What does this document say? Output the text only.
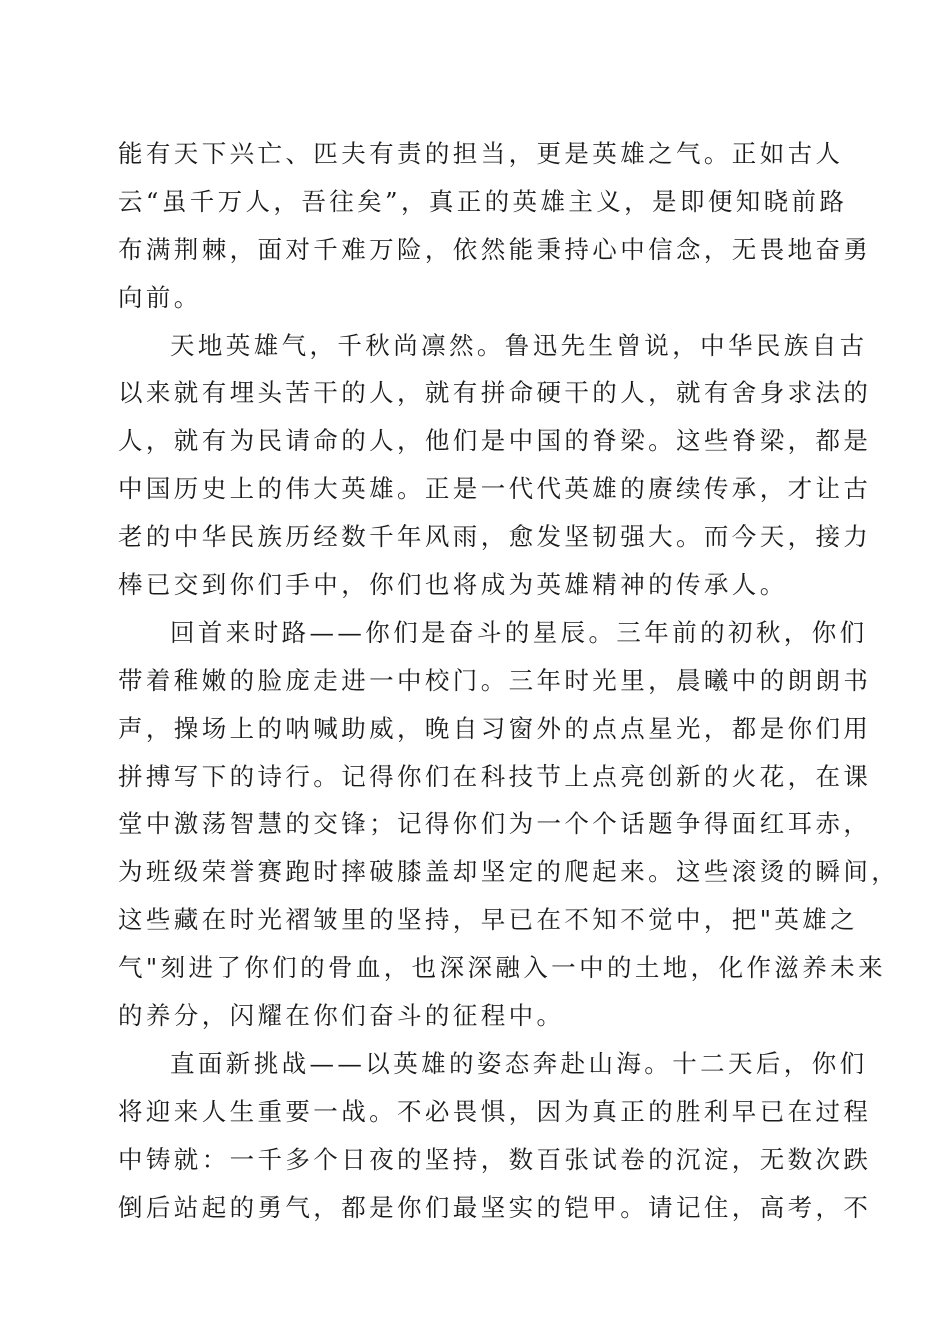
能有天下兴亡、匹夫有责的担当，更是英雄之气。正如古人
云“虽千万人，吾往矣”，真正的英雄主义，是即便知晓前路
布满荆棘，面对千难万险，依然能秉持心中信念，无畏地奋勇
向前。
天地英雄气，千秋尚凛然。鲁迅先生曾说，中华民族自古
以来就有埋头苦干的人，就有拼命硬干的人，就有舍身求法的
人，就有为民请命的人，他们是中国的脊梁。这些脊梁，都是
中国历史上的伟大英雄。正是一代代英雄的赓续传承，才让古
老的中华民族历经数千年风雨，愈发坚韧强大。而今天，接力
棒已交到你们手中，你们也将成为英雄精神的传承人。
回首来时路——你们是奋斗的星辰。三年前的初秋，你们
带着稚嫩的脸庞走进一中校门。三年时光里，晨曦中的朗朗书
声，操场上的呐喊助威，晚自习窗外的点点星光，都是你们用
拼搏写下的诗行。记得你们在科技节上点亮创新的火花，在课
堂中激荡智慧的交锋；记得你们为一个个话题争得面红耳赤，
为班级荣誉赛跑时摔破膝盖却坚定的爬起来。这些滚烫的瞬间，
这些藏在时光褶皱里的坚持，早已在不知不觉中，把"英雄之
气"刻进了你们的骨血，也深深融入一中的土地，化作滋养未来
的养分，闪耀在你们奋斗的征程中。
直面新挑战——以英雄的姿态奔赴山海。十二天后，你们
将迎来人生重要一战。不必畏惧，因为真正的胜利早已在过程
中铸就：一千多个日夜的坚持，数百张试卷的沉淀，无数次跌
倒后站起的勇气，都是你们最坚实的铠甲。请记住，高考，不
